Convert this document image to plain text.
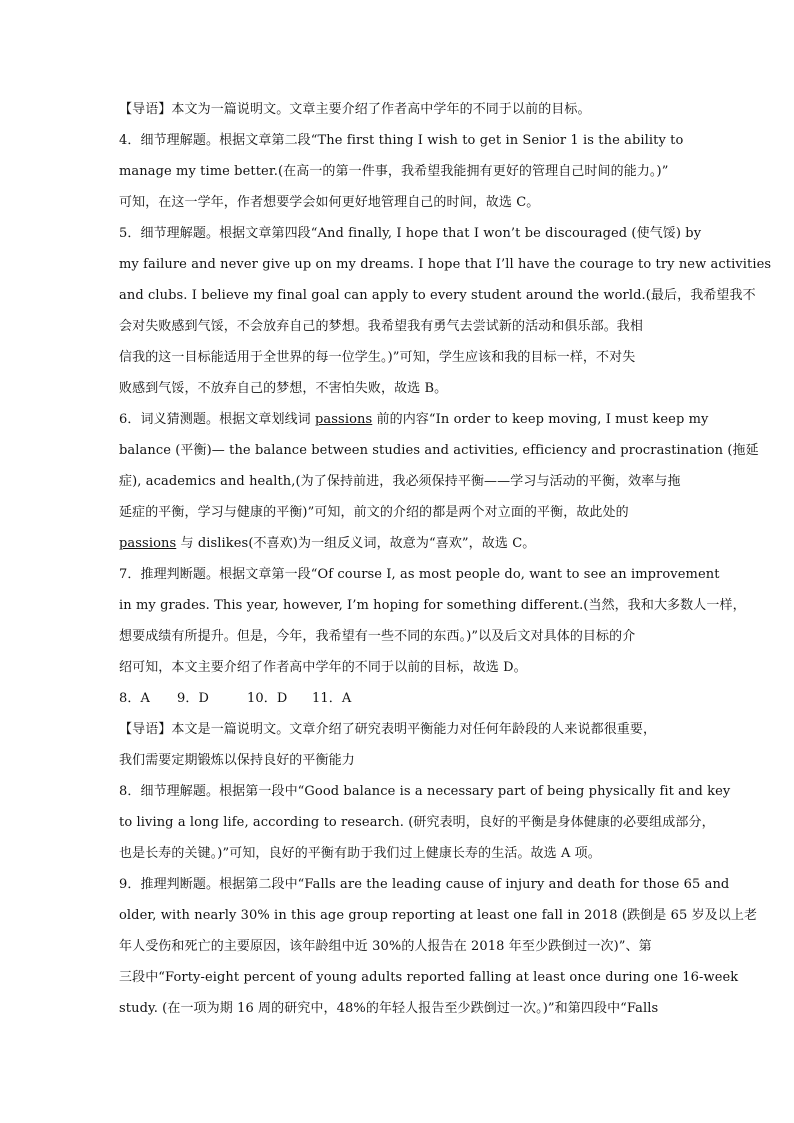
【导语】本文为一篇说明文。文章主要介绍了作者高中学年的不同于以前的目标。
4．细节理解题。根据文章第二段“The first thing I wish to get in Senior 1 is the ability to
manage my time better.(在高一的第一件事，我希望我能拥有更好的管理自己时间的能力。)”
可知，在这一学年，作者想要学会如何更好地管理自己的时间，故选 C。
5．细节理解题。根据文章第四段“And finally, I hope that I won’t be discouraged (使气馁) by
my failure and never give up on my dreams. I hope that I’ll have the courage to try new activities
and clubs. I believe my final goal can apply to every student around the world.(最后，我希望我不
会对失败感到气馁，不会放弃自己的梦想。我希望我有勇气去尝试新的活动和俱乐部。我相
信我的这一目标能适用于全世界的每一位学生。)”可知，学生应该和我的目标一样，不对失
败感到气馁，不放弃自己的梦想，不害怕失败，故选 B。
6．词义猜测题。根据文章划线词 passions 前的内容“In order to keep moving, I must keep my
balance (平衡)— the balance between studies and activities, efficiency and procrastination (拖延
症), academics and health,(为了保持前进，我必须保持平衡——学习与活动的平衡，效率与拖
延症的平衡，学习与健康的平衡)”可知，前文的介绍的都是两个对立面的平衡，故此处的
passions 与 dislikes(不喜欢)为一组反义词，故意为“喜欢”，故选 C。
7．推理判断题。根据文章第一段“Of course I, as most people do, want to see an improvement
in my grades. This year, however, I’m hoping for something different.(当然，我和大多数人一样，
想要成绩有所提升。但是，今年，我希望有一些不同的东西。)”以及后文对具体的目标的介
绍可知，本文主要介绍了作者高中学年的不同于以前的目标，故选 D。
8．A 9．D	10．D 11．A
【导语】本文是一篇说明文。文章介绍了研究表明平衡能力对任何年龄段的人来说都很重要，
我们需要定期锻炼以保持良好的平衡能力
8．细节理解题。根据第一段中“Good balance is a necessary part of being physically fit and key
to living a long life, according to research. (研究表明，良好的平衡是身体健康的必要组成部分，
也是长寿的关键。)”可知，良好的平衡有助于我们过上健康长寿的生活。故选 A 项。
9．推理判断题。根据第二段中“Falls are the leading cause of injury and death for those 65 and
older, with nearly 30% in this age group reporting at least one fall in 2018 (跌倒是 65 岁及以上老
年人受伤和死亡的主要原因，该年龄组中近 30%的人报告在 2018 年至少跌倒过一次)”、第
三段中“Forty-eight percent of young adults reported falling at least once during one 16-week
study. (在一项为期 16 周的研究中，48%的年轻人报告至少跌倒过一次。)”和第四段中“Falls
